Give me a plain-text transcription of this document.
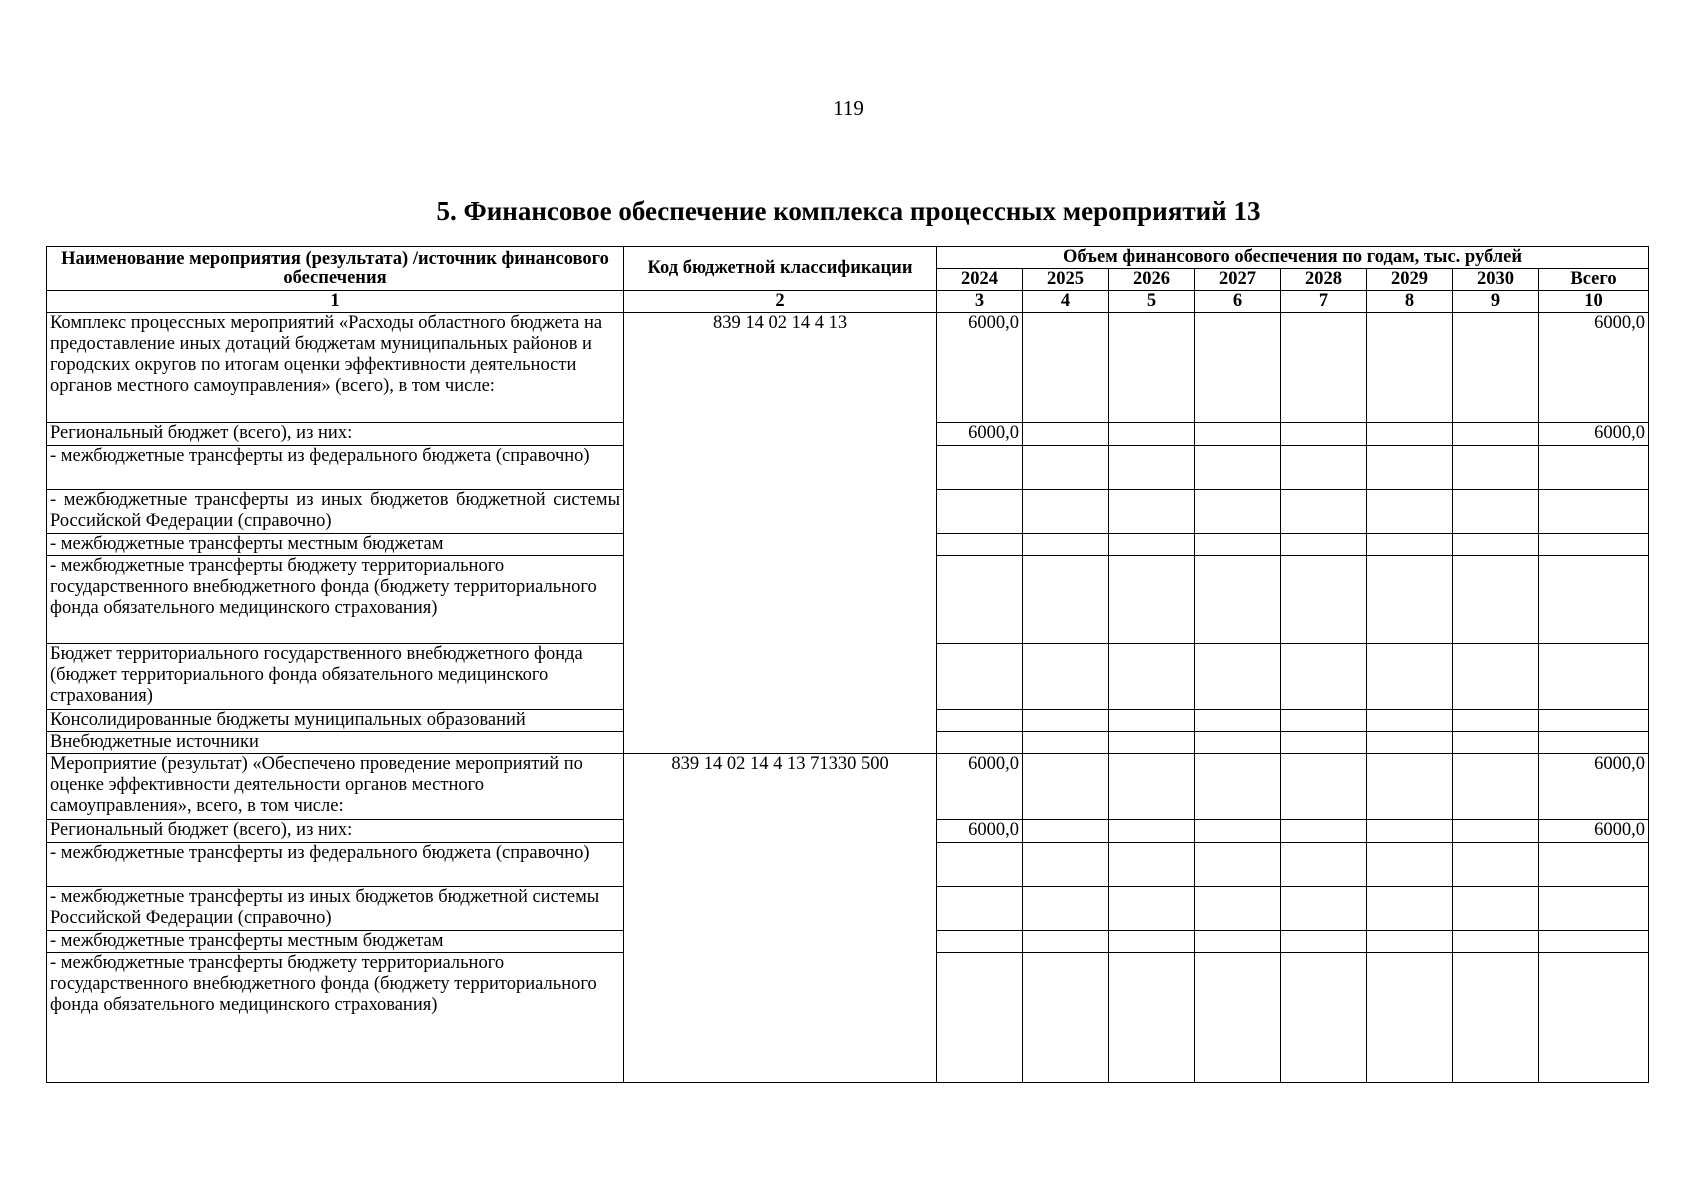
119
5. Финансовое обеспечение комплекса процессных мероприятий 13
Наименование мероприятия (результата) /источник финансового обеспечения	Код бюджетной классификации	Объем финансового обеспечения по годам, тыс. рублей							
		2024	2025	2026	2027	2028	2029	2030	Всего
1	2	3	4	5	6	7	8	9	10
Комплекс процессных мероприятий «Расходы областного бюджета на предоставление иных дотаций бюджетам муниципальных районов и городских округов по итогам оценки эффективности деятельности органов местного самоуправления» (всего), в том числе:	839 14 02 14 4 13	6000,0							6000,0
Региональный бюджет (всего), из них:		6000,0							6000,0
- межбюджетные трансферты из федерального бюджета (справочно)									
- межбюджетные трансферты из иных бюджетов бюджетной системы Российской Федерации (справочно)									
- межбюджетные трансферты местным бюджетам									
- межбюджетные трансферты бюджету территориального государственного внебюджетного фонда (бюджету территориального фонда обязательного медицинского страхования)									
Бюджет территориального государственного внебюджетного фонда (бюджет территориального фонда обязательного медицинского страхования)									
Консолидированные бюджеты муниципальных образований									
Внебюджетные источники									
Мероприятие (результат) «Обеспечено проведение мероприятий по оценке эффективности деятельности органов местного самоуправления», всего, в том числе:	839 14 02 14 4 13 71330 500	6000,0							6000,0
Региональный бюджет (всего), из них:		6000,0							6000,0
- межбюджетные трансферты из федерального бюджета (справочно)									
- межбюджетные трансферты из иных бюджетов бюджетной системы Российской Федерации (справочно)									
- межбюджетные трансферты местным бюджетам									
- межбюджетные трансферты бюджету территориального государственного внебюджетного фонда (бюджету территориального фонда обязательного медицинского страхования)									
